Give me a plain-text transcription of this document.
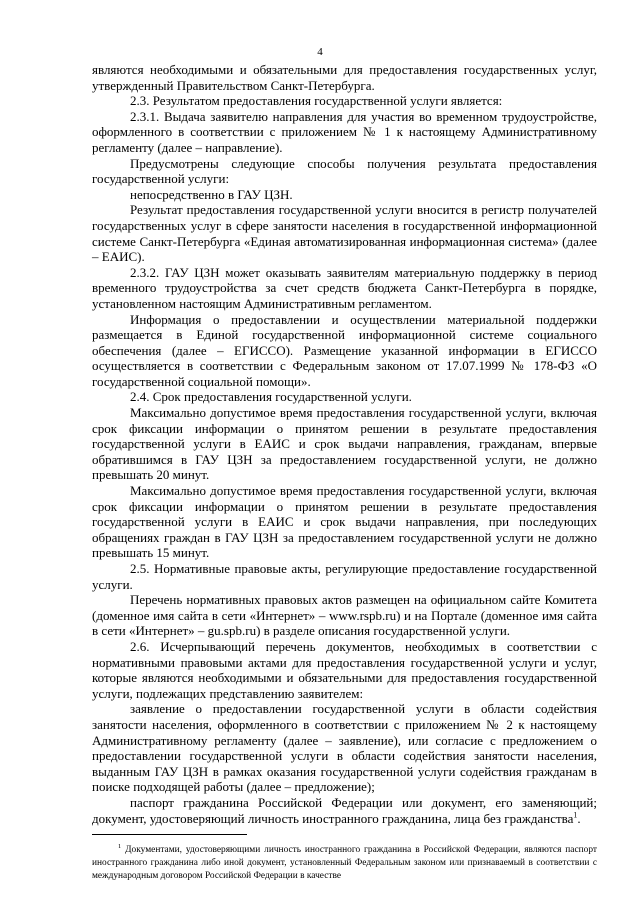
4

являются необходимыми и обязательными для предоставления государственных услуг, утвержденный Правительством Санкт-Петербурга.

2.3. Результатом предоставления государственной услуги является:

2.3.1. Выдача заявителю направления для участия во временном трудоустройстве, оформленного в соответствии с приложением № 1 к настоящему Административному регламенту (далее – направление).

Предусмотрены следующие способы получения результата предоставления государственной услуги:

непосредственно в ГАУ ЦЗН.

Результат предоставления государственной услуги вносится в регистр получателей государственных услуг в сфере занятости населения в государственной информационной системе Санкт-Петербурга «Единая автоматизированная информационная система» (далее – ЕАИС).

2.3.2. ГАУ ЦЗН может оказывать заявителям материальную поддержку в период временного трудоустройства за счет средств бюджета Санкт-Петербурга в порядке, установленном настоящим Административным регламентом.

Информация о предоставлении и осуществлении материальной поддержки размещается в Единой государственной информационной системе социального обеспечения (далее – ЕГИССО). Размещение указанной информации в ЕГИССО осуществляется в соответствии с Федеральным законом от 17.07.1999 № 178-ФЗ «О государственной социальной помощи».

2.4. Срок предоставления государственной услуги.

Максимально допустимое время предоставления государственной услуги, включая срок фиксации информации о принятом решении в результате предоставления государственной услуги в ЕАИС и срок выдачи направления, гражданам, впервые обратившимся в ГАУ ЦЗН за предоставлением государственной услуги, не должно превышать 20 минут.

Максимально допустимое время предоставления государственной услуги, включая срок фиксации информации о принятом решении в результате предоставления государственной услуги в ЕАИС и срок выдачи направления, при последующих обращениях граждан в ГАУ ЦЗН за предоставлением государственной услуги не должно превышать 15 минут.

2.5. Нормативные правовые акты, регулирующие предоставление государственной услуги.

Перечень нормативных правовых актов размещен на официальном сайте Комитета (доменное имя сайта в сети «Интернет» – www.rspb.ru) и на Портале (доменное имя сайта в сети «Интернет» – gu.spb.ru) в разделе описания государственной услуги.

2.6. Исчерпывающий перечень документов, необходимых в соответствии с нормативными правовыми актами для предоставления государственной услуги и услуг, которые являются необходимыми и обязательными для предоставления государственной услуги, подлежащих представлению заявителем:

заявление о предоставлении государственной услуги в области содействия занятости населения, оформленного в соответствии с приложением № 2 к настоящему Административному регламенту (далее – заявление), или согласие с предложением о предоставлении государственной услуги в области содействия занятости населения, выданным ГАУ ЦЗН в рамках оказания государственной услуги содействия гражданам в поиске подходящей работы (далее – предложение);

паспорт гражданина Российской Федерации или документ, его заменяющий; документ, удостоверяющий личность иностранного гражданина, лица без гражданства$^1$.

$^1$ Документами, удостоверяющими личность иностранного гражданина в Российской Федерации, являются паспорт иностранного гражданина либо иной документ, установленный Федеральным законом или признаваемый в соответствии с международным договором Российской Федерации в качестве
